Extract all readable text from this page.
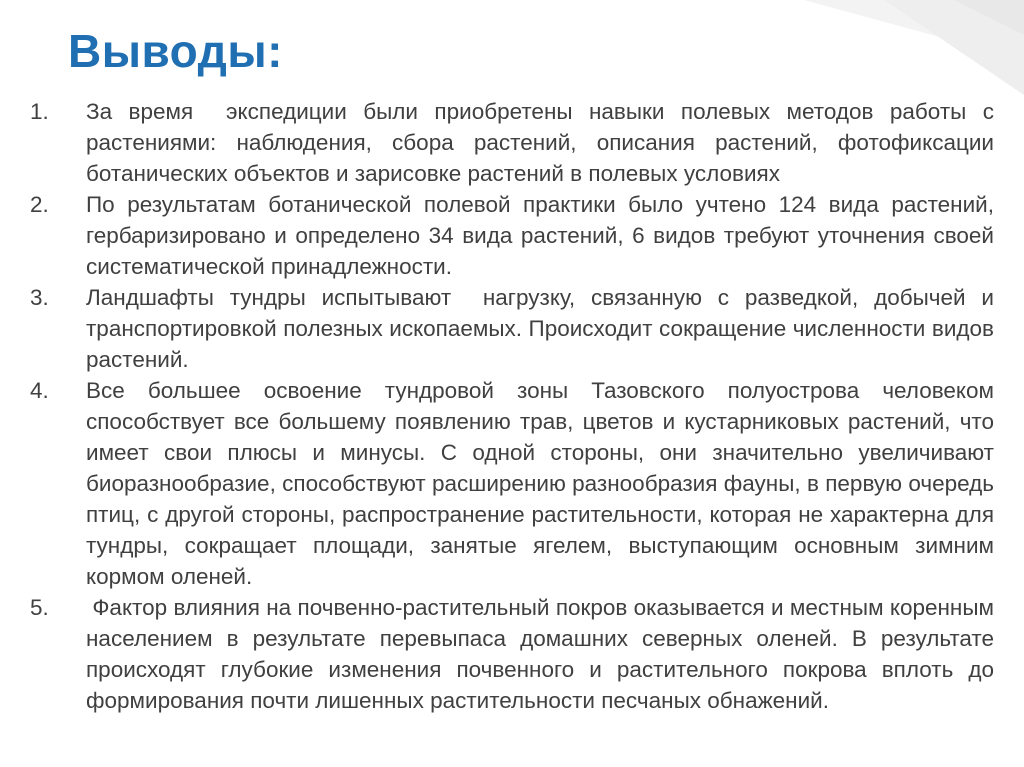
Выводы:
1.	За время  экспедиции были приобретены навыки полевых методов работы с растениями: наблюдения, сбора растений, описания растений, фотофиксации ботанических объектов и зарисовке растений в полевых условиях
2.	По результатам ботанической полевой практики было учтено 124 вида растений, гербаризировано и определено 34 вида растений, 6 видов требуют уточнения своей систематической принадлежности.
3.	Ландшафты тундры испытывают  нагрузку, связанную с разведкой, добычей и транспортировкой полезных ископаемых. Происходит сокращение численности видов растений.
4.	Все большее освоение тундровой зоны Тазовского полуострова человеком способствует все большему появлению трав, цветов и кустарниковых растений, что имеет свои плюсы и минусы. С одной стороны, они значительно увеличивают биоразнообразие, способствуют расширению разнообразия фауны, в первую очередь птиц, с другой стороны, распространение растительности, которая не характерна для тундры, сокращает площади, занятые ягелем, выступающим основным зимним кормом оленей.
5.	Фактор влияния на почвенно-растительный покров оказывается и местным коренным населением в результате перевыпаса домашних северных оленей. В результате происходят глубокие изменения почвенного и растительного покрова вплоть до формирования почти лишенных растительности песчаных обнажений.
